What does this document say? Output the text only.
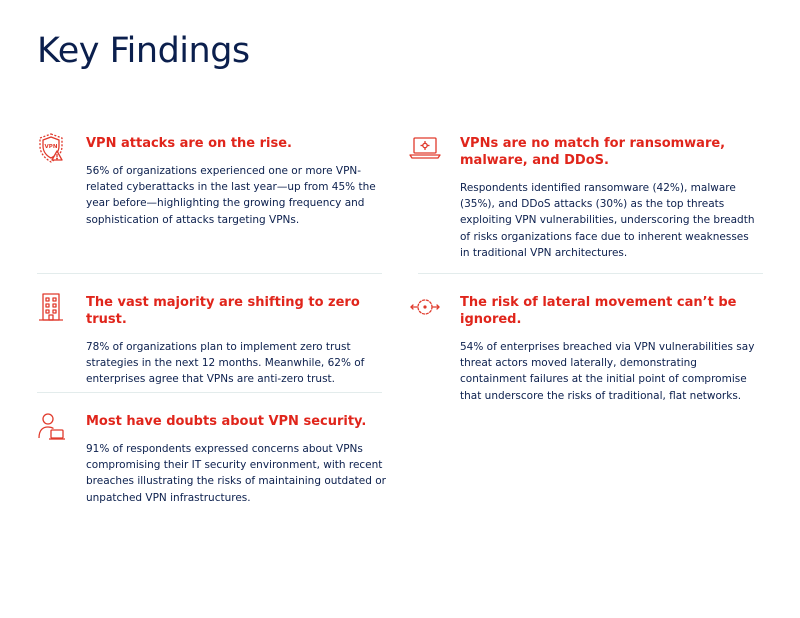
Key Findings
VPN VPN attacks are on the rise.

56% of organizations experienced one or more VPN-related cyberattacks in the last year—up from 45% the year before—highlighting the growing frequency and sophistication of attacks targeting VPNs.

VPNs are no match for ransomware, malware, and DDoS.

Respondents identified ransomware (42%), malware (35%), and DDoS attacks (30%) as the top threats exploiting VPN vulnerabilities, underscoring the breadth of risks organizations face due to inherent weaknesses in traditional VPN architectures.

The vast majority are shifting to zero trust.

78% of organizations plan to implement zero trust strategies in the next 12 months. Meanwhile, 62% of enterprises agree that VPNs are anti-zero trust.

The risk of lateral movement can’t be ignored.

54% of enterprises breached via VPN vulnerabilities say threat actors moved laterally, demonstrating containment failures at the initial point of compromise that underscore the risks of traditional, flat networks.

Most have doubts about VPN security.

91% of respondents expressed concerns about VPNs compromising their IT security environment, with recent breaches illustrating the risks of maintaining outdated or unpatched VPN infrastructures.
